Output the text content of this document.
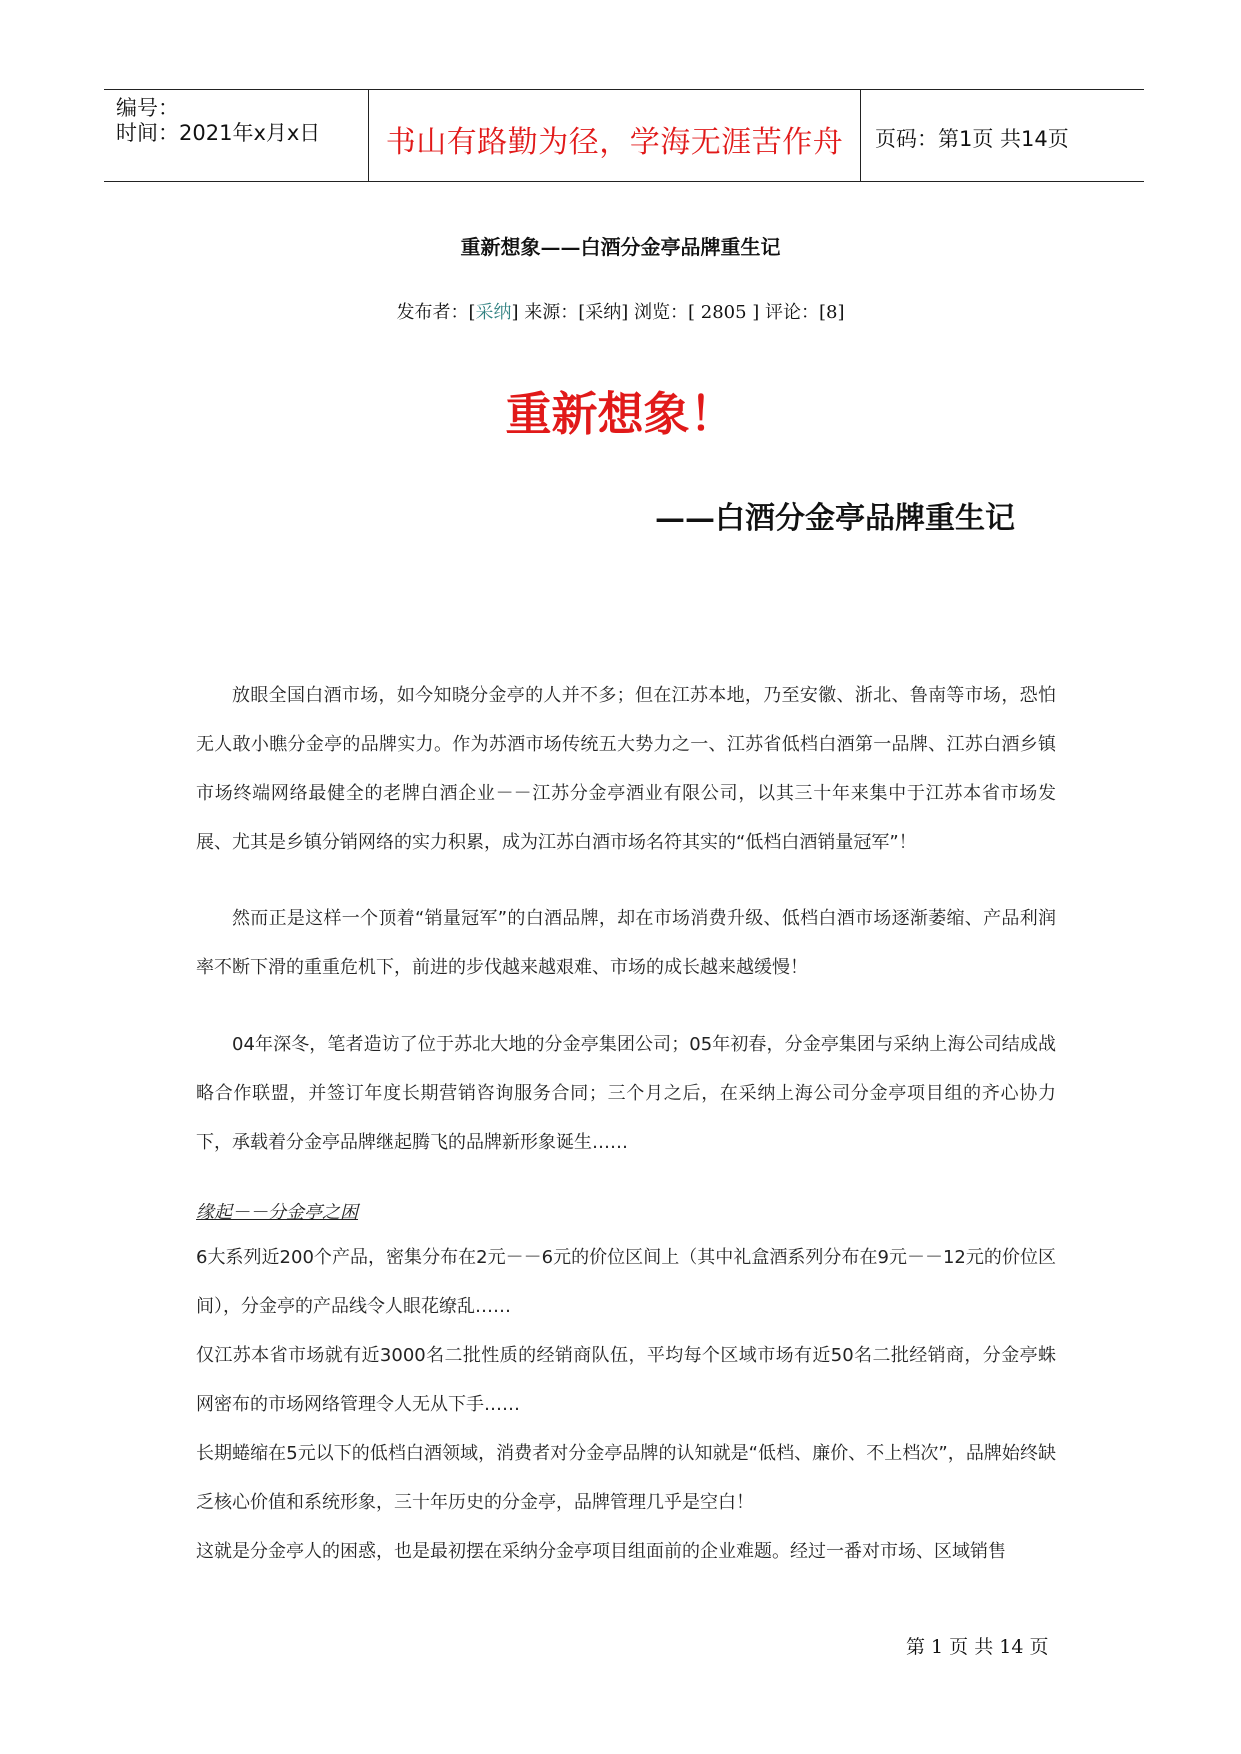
编号：
时间：2021年x月x日	书山有路勤为径，学海无涯苦作舟	页码：第1页 共14页
重新想象——白酒分金亭品牌重生记
发布者：[采纳] 来源：[采纳] 浏览：[ 2805 ] 评论：[8]
重新想象！
——白酒分金亭品牌重生记

放眼全国白酒市场，如今知晓分金亭的人并不多；但在江苏本地，乃至安徽、浙北、鲁南等市场，恐怕无人敢小瞧分金亭的品牌实力。作为苏酒市场传统五大势力之一、江苏省低档白酒第一品牌、江苏白酒乡镇市场终端网络最健全的老牌白酒企业－－江苏分金亭酒业有限公司，以其三十年来集中于江苏本省市场发展、尤其是乡镇分销网络的实力积累，成为江苏白酒市场名符其实的“低档白酒销量冠军”！

然而正是这样一个顶着“销量冠军”的白酒品牌，却在市场消费升级、低档白酒市场逐渐萎缩、产品利润率不断下滑的重重危机下，前进的步伐越来越艰难、市场的成长越来越缓慢！

04年深冬，笔者造访了位于苏北大地的分金亭集团公司；05年初春，分金亭集团与采纳上海公司结成战略合作联盟，并签订年度长期营销咨询服务合同；三个月之后，在采纳上海公司分金亭项目组的齐心协力下，承载着分金亭品牌继起腾飞的品牌新形象诞生……

缘起－－分金亭之困

6大系列近200个产品，密集分布在2元－－6元的价位区间上（其中礼盒酒系列分布在9元－－12元的价位区间），分金亭的产品线令人眼花缭乱……

仅江苏本省市场就有近3000名二批性质的经销商队伍，平均每个区域市场有近50名二批经销商，分金亭蛛网密布的市场网络管理令人无从下手……

长期蜷缩在5元以下的低档白酒领域，消费者对分金亭品牌的认知就是“低档、廉价、不上档次”，品牌始终缺乏核心价值和系统形象，三十年历史的分金亭，品牌管理几乎是空白！

这就是分金亭人的困惑，也是最初摆在采纳分金亭项目组面前的企业难题。经过一番对市场、区域销售

第 1 页 共 14 页
